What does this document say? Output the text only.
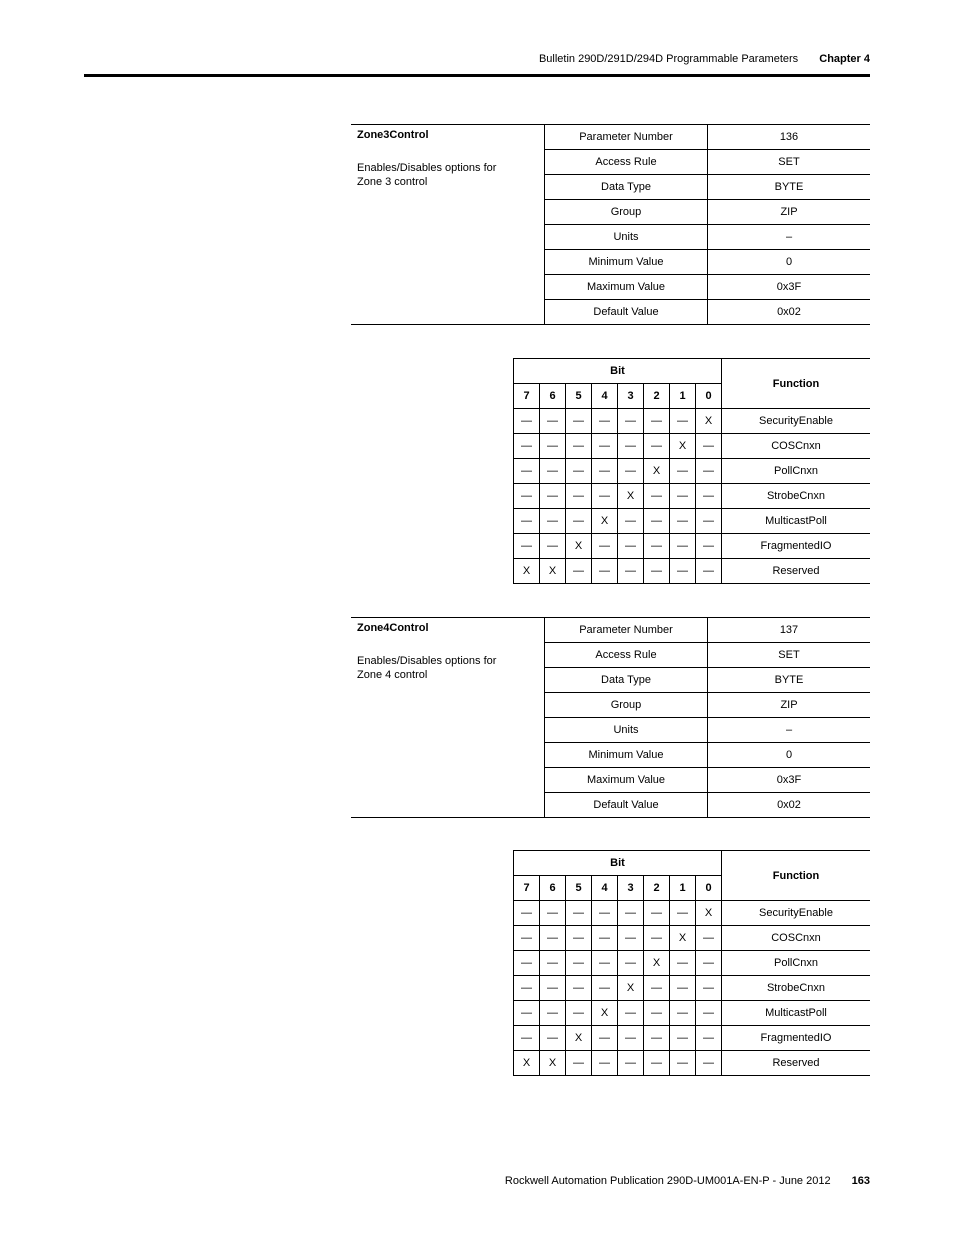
Bulletin 290D/291D/294D Programmable Parameters Chapter 4
Zone3Control
Enables/Disables options for Zone 3 control	Parameter Number	136
	Access Rule	SET
	Data Type	BYTE
	Group	ZIP
	Units	–
	Minimum Value	0
	Maximum Value	0x3F
	Default Value	0x02
Bit								Function
7	6	5	4	3	2	1	0	
—	—	—	—	—	—	—	X	SecurityEnable
—	—	—	—	—	—	X	—	COSCnxn
—	—	—	—	—	X	—	—	PollCnxn
—	—	—	—	X	—	—	—	StrobeCnxn
—	—	—	X	—	—	—	—	MulticastPoll
—	—	X	—	—	—	—	—	FragmentedIO
X	X	—	—	—	—	—	—	Reserved
Zone4Control
Enables/Disables options for Zone 4 control	Parameter Number	137
	Access Rule	SET
	Data Type	BYTE
	Group	ZIP
	Units	–
	Minimum Value	0
	Maximum Value	0x3F
	Default Value	0x02
Bit								Function
7	6	5	4	3	2	1	0	
—	—	—	—	—	—	—	X	SecurityEnable
—	—	—	—	—	—	X	—	COSCnxn
—	—	—	—	—	X	—	—	PollCnxn
—	—	—	—	X	—	—	—	StrobeCnxn
—	—	—	X	—	—	—	—	MulticastPoll
—	—	X	—	—	—	—	—	FragmentedIO
X	X	—	—	—	—	—	—	Reserved
Rockwell Automation Publication 290D-UM001A-EN-P - June 2012 163
